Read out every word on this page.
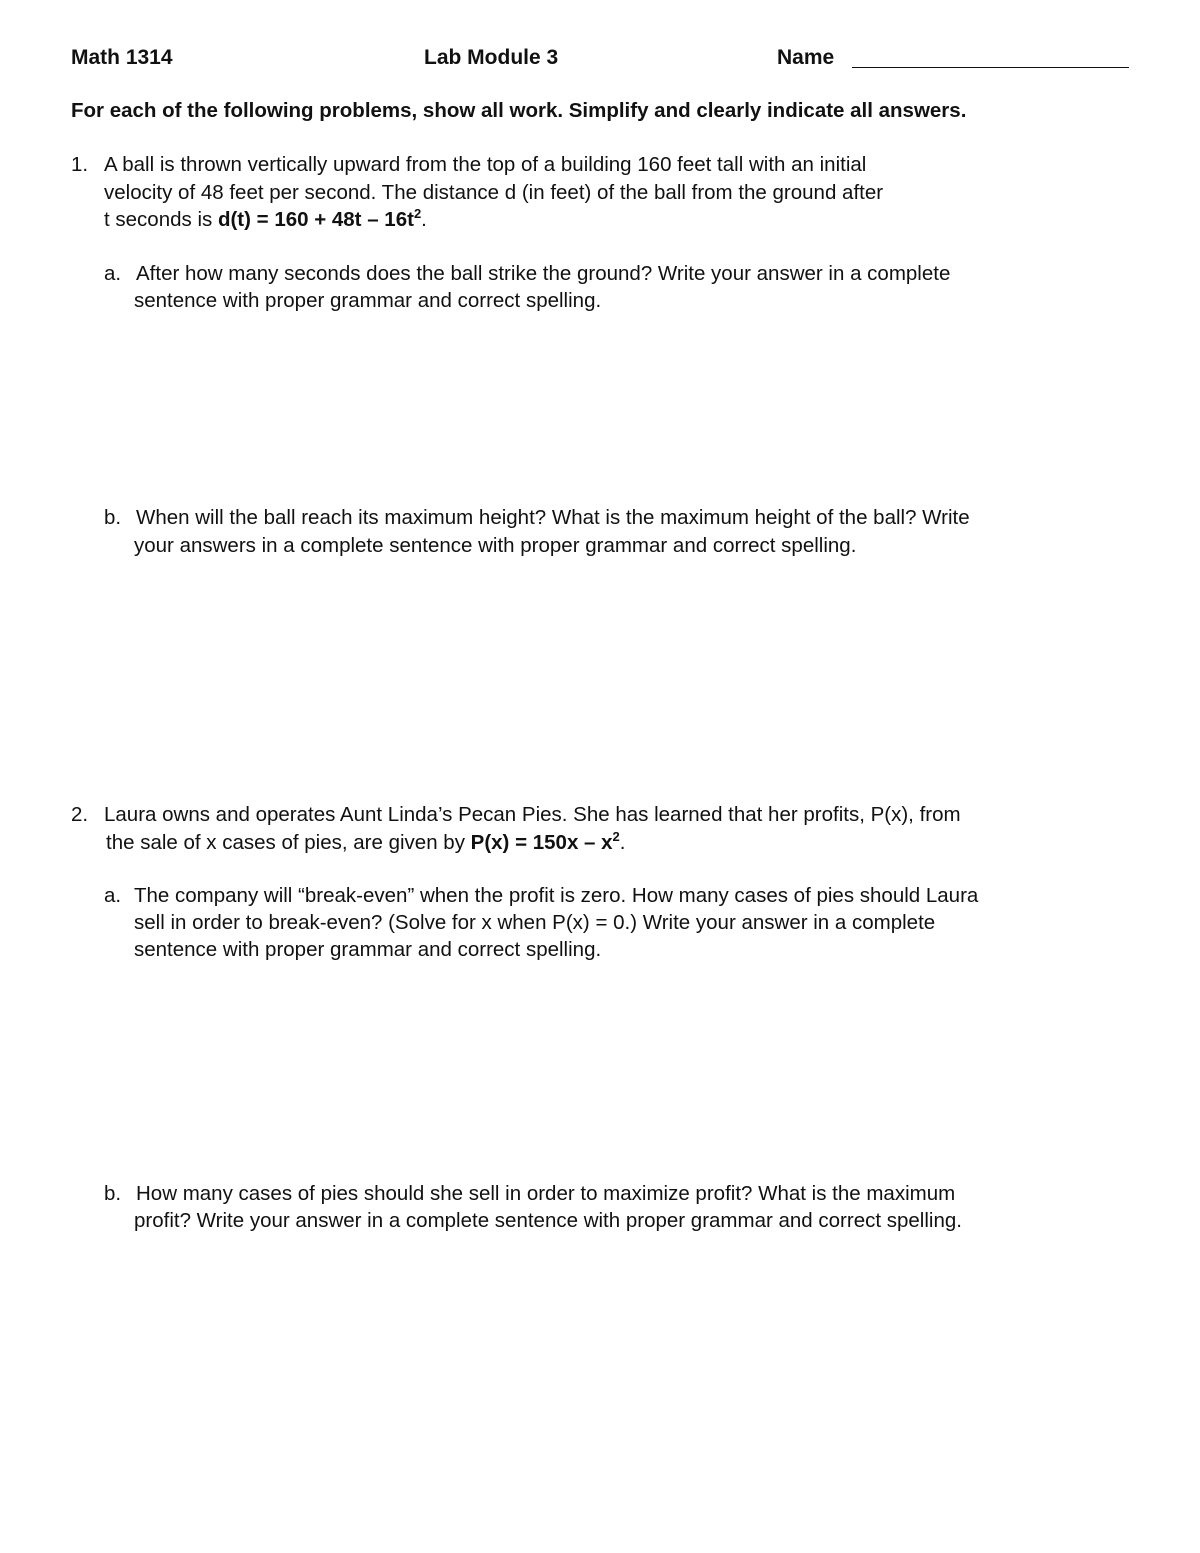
Math 1314	Lab Module 3	Name
For each of the following problems, show all work. Simplify and clearly indicate all answers.
1. A ball is thrown vertically upward from the top of a building 160 feet tall with an initial
velocity of 48 feet per second. The distance d (in feet) of the ball from the ground after
t seconds is $d(t) = 160 + 48t - 16t^2$.
a. After how many seconds does the ball strike the ground? Write your answer in a complete
sentence with proper grammar and correct spelling.
b. When will the ball reach its maximum height? What is the maximum height of the ball? Write
your answers in a complete sentence with proper grammar and correct spelling.
2. Laura owns and operates Aunt Linda’s Pecan Pies. She has learned that her profits, P(x), from
the sale of x cases of pies, are given by $P(x) = 150x - x^2$.
a. The company will “break-even” when the profit is zero. How many cases of pies should Laura
sell in order to break-even? (Solve for x when P(x) = 0.) Write your answer in a complete
sentence with proper grammar and correct spelling.
b. How many cases of pies should she sell in order to maximize profit? What is the maximum
profit? Write your answer in a complete sentence with proper grammar and correct spelling.
